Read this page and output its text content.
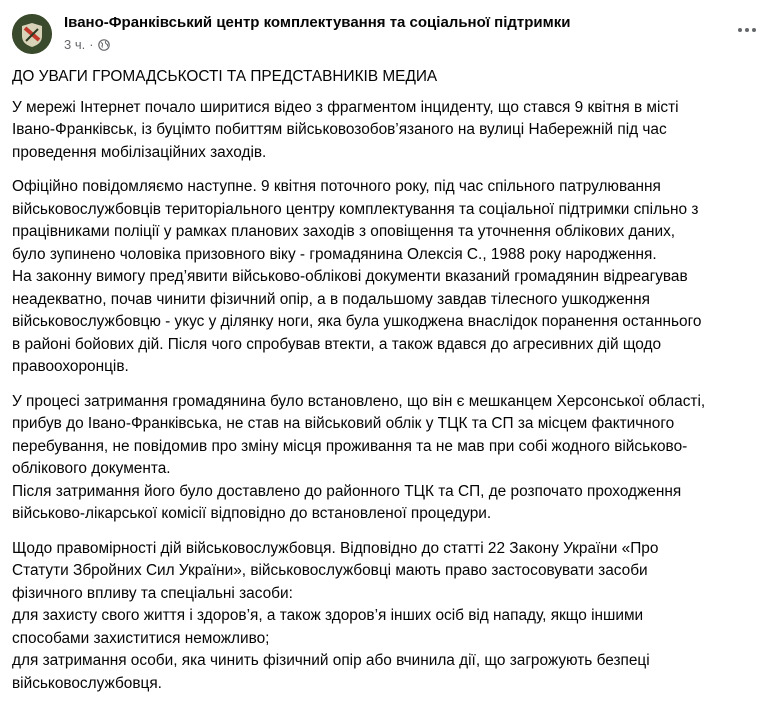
Івано-Франківський центр комплектування та соціальної підтримки
3 ч. ·

ДО УВАГИ ГРОМАДСЬКОСТІ ТА ПРЕДСТАВНИКІВ МЕДИА

У мережі Інтернет почало ширитися відео з фрагментом інциденту, що стався 9 квітня в місті
Івано-Франківськ, із буцімто побиттям військовозобов’язаного на вулиці Набережній під час
проведення мобілізаційних заходів.

Офіційно повідомляємо наступне. 9 квітня поточного року, під час спільного патрулювання
військовослужбовців територіального центру комплектування та соціальної підтримки спільно з
працівниками поліції у рамках планових заходів з оповіщення та уточнення облікових даних,
було зупинено чоловіка призовного віку - громадянина Олексія С., 1988 року народження.
На законну вимогу пред’явити військово-облікові документи вказаний громадянин відреагував
неадекватно, почав чинити фізичний опір, а в подальшому завдав тілесного ушкодження
військовослужбовцю - укус у ділянку ноги, яка була ушкоджена внаслідок поранення останнього
в районі бойових дій. Після чого спробував втекти, а також вдався до агресивних дій щодо
правоохоронців.

У процесі затримання громадянина було встановлено, що він є мешканцем Херсонської області,
прибув до Івано-Франківська, не став на військовий облік у ТЦК та СП за місцем фактичного
перебування, не повідомив про зміну місця проживання та не мав при собі жодного військово-
облікового документа.
Після затримання його було доставлено до районного ТЦК та СП, де розпочато проходження
військово-лікарської комісії відповідно до встановленої процедури.

Щодо правомірності дій військовослужбовця. Відповідно до статті 22 Закону України «Про
Статути Збройних Сил України», військовослужбовці мають право застосовувати засоби
фізичного впливу та спеціальні засоби:
для захисту свого життя і здоров’я, а також здоров’я інших осіб від нападу, якщо іншими
способами захиститися неможливо;
для затримання особи, яка чинить фізичний опір або вчинила дії, що загрожують безпеці
військовослужбовця.
